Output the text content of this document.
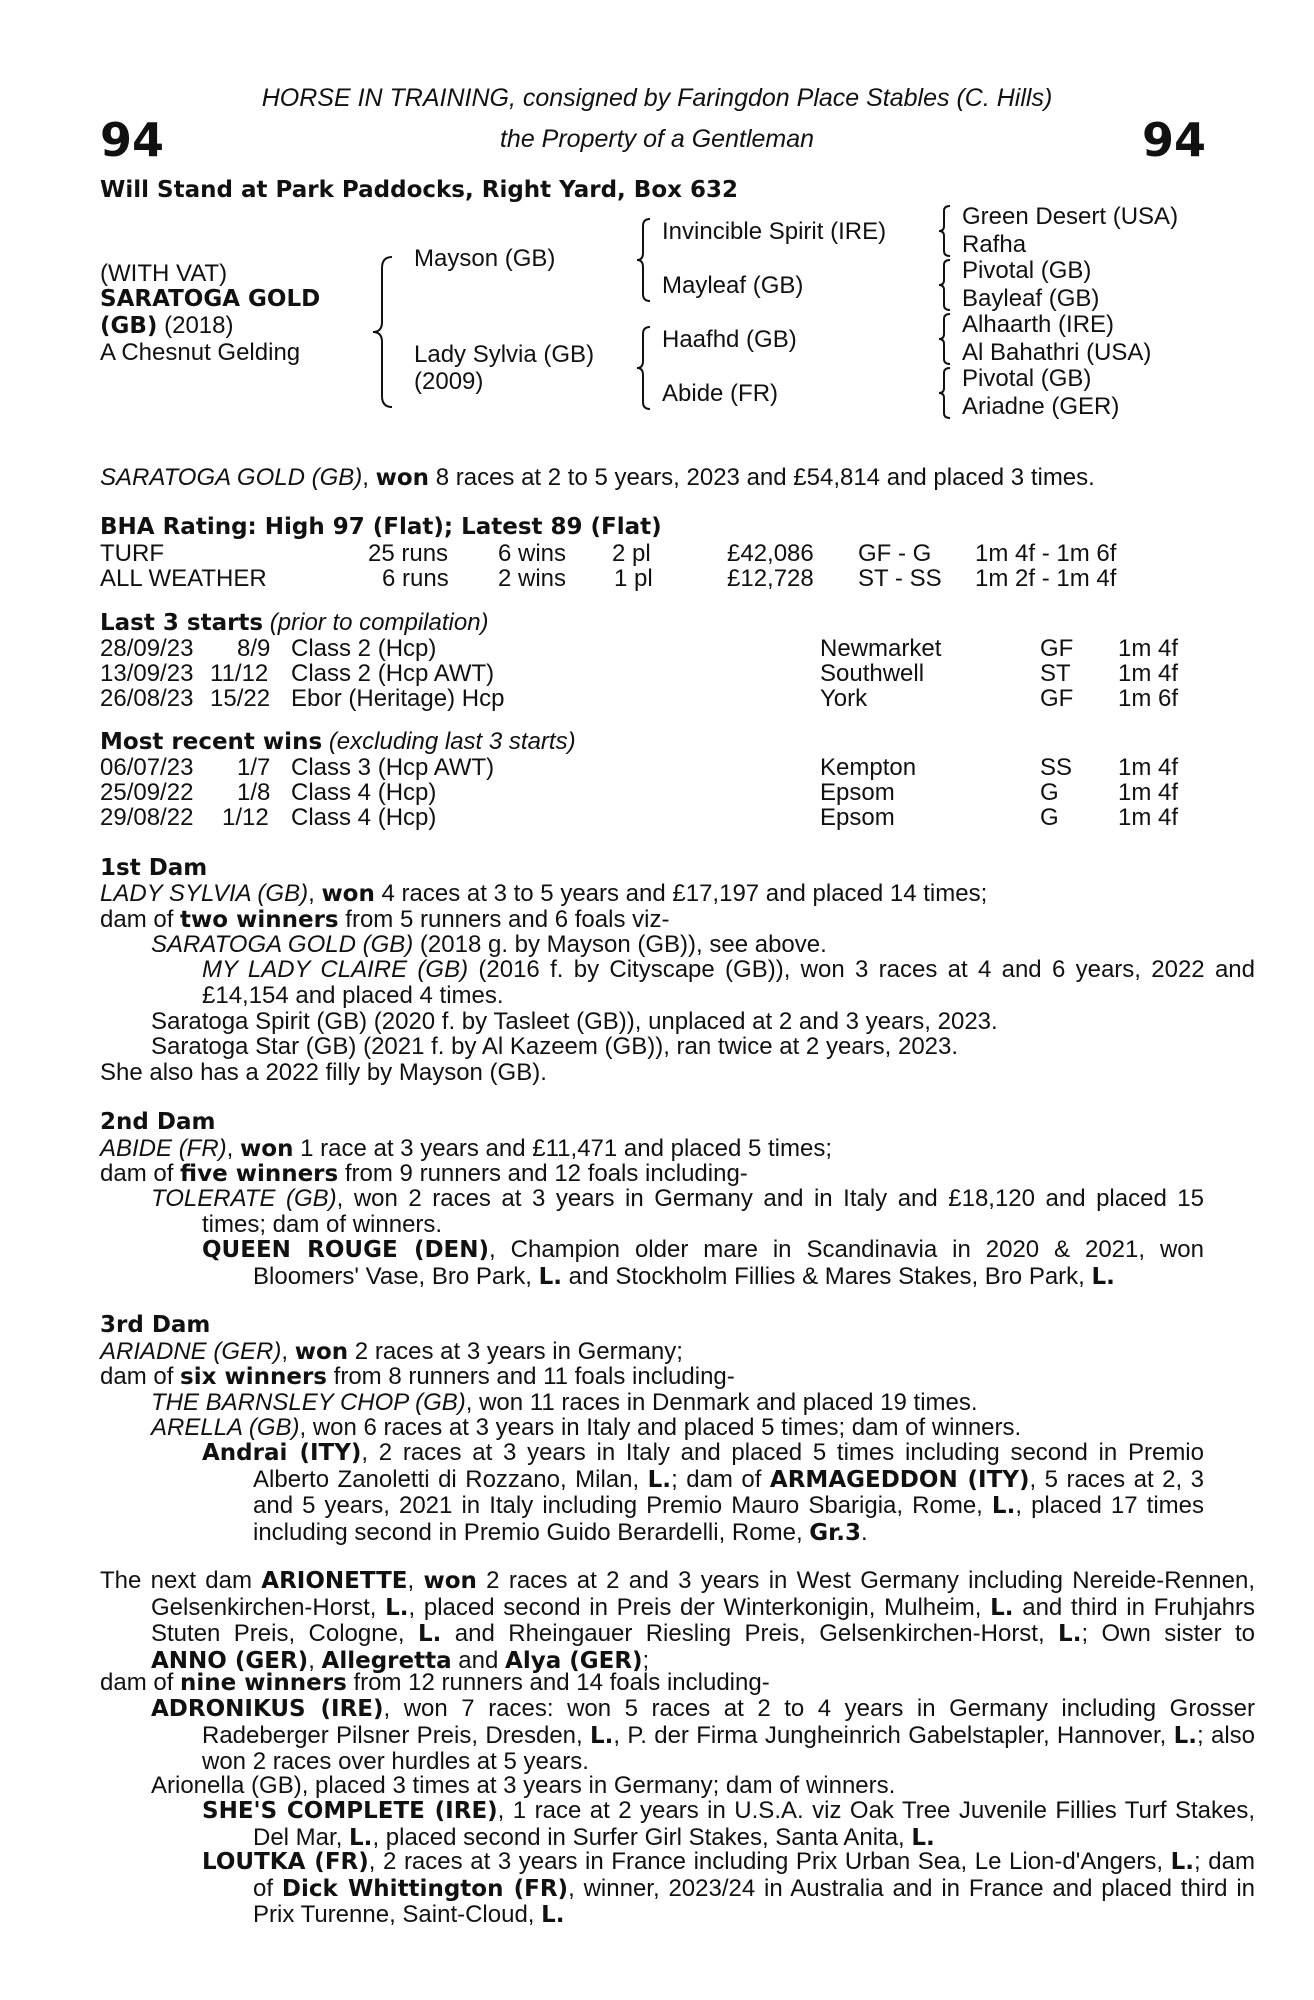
94	94
HORSE IN TRAINING, consigned by Faringdon Place Stables (C. Hills)
the Property of a Gentleman
Will Stand at Park Paddocks, Right Yard, Box 632
(WITH VAT)
SARATOGA GOLD
(GB) (2018)
A Chesnut Gelding
Mayson (GB)
Lady Sylvia (GB)
(2009)
Invincible Spirit (IRE)
Mayleaf (GB)
Haafhd (GB)
Abide (FR)
Green Desert (USA)
Rafha
Pivotal (GB)
Bayleaf (GB)
Alhaarth (IRE)
Al Bahathri (USA)
Pivotal (GB)
Ariadne (GER)
SARATOGA GOLD (GB), won 8 races at 2 to 5 years, 2023 and £54,814 and placed 3 times.
BHA Rating: High 97 (Flat); Latest 89 (Flat)
TURF	25 runs 6 wins 2 pl	£42,086 GF - G 1m 4f - 1m 6f
ALL WEATHER	6 runs 2 wins 1 pl	£12,728 ST - SS 1m 2f - 1m 4f
Last 3 starts (prior to compilation)
28/09/23 8/9 Class 2 (Hcp)	Newmarket	GF 1m 4f
13/09/23 11/12 Class 2 (Hcp AWT)	Southwell	ST 1m 4f
26/08/23 15/22 Ebor (Heritage) Hcp	York	GF 1m 6f
Most recent wins (excluding last 3 starts)
06/07/23 1/7 Class 3 (Hcp AWT)	Kempton	SS 1m 4f
25/09/22 1/8 Class 4 (Hcp)	Epsom	G 1m 4f
29/08/22 1/12 Class 4 (Hcp)	Epsom	G 1m 4f
1st Dam
LADY SYLVIA (GB), won 4 races at 3 to 5 years and £17,197 and placed 14 times;
dam of two winners from 5 runners and 6 foals viz-
SARATOGA GOLD (GB) (2018 g. by Mayson (GB)), see above.
MY LADY CLAIRE (GB) (2016 f. by Cityscape (GB)), won 3 races at 4 and 6 years, 2022 and £14,154 and placed 4 times.
Saratoga Spirit (GB) (2020 f. by Tasleet (GB)), unplaced at 2 and 3 years, 2023.
Saratoga Star (GB) (2021 f. by Al Kazeem (GB)), ran twice at 2 years, 2023.
She also has a 2022 filly by Mayson (GB).
2nd Dam
ABIDE (FR), won 1 race at 3 years and £11,471 and placed 5 times;
dam of five winners from 9 runners and 12 foals including-
TOLERATE (GB), won 2 races at 3 years in Germany and in Italy and £18,120 and placed 15 times; dam of winners.
QUEEN ROUGE (DEN), Champion older mare in Scandinavia in 2020 & 2021, won Bloomers' Vase, Bro Park, L. and Stockholm Fillies & Mares Stakes, Bro Park, L.
3rd Dam
ARIADNE (GER), won 2 races at 3 years in Germany;
dam of six winners from 8 runners and 11 foals including-
THE BARNSLEY CHOP (GB), won 11 races in Denmark and placed 19 times.
ARELLA (GB), won 6 races at 3 years in Italy and placed 5 times; dam of winners.
Andrai (ITY), 2 races at 3 years in Italy and placed 5 times including second in Premio Alberto Zanoletti di Rozzano, Milan, L.; dam of ARMAGEDDON (ITY), 5 races at 2, 3 and 5 years, 2021 in Italy including Premio Mauro Sbarigia, Rome, L., placed 17 times including second in Premio Guido Berardelli, Rome, Gr.3.
The next dam ARIONETTE, won 2 races at 2 and 3 years in West Germany including Nereide-Rennen, Gelsenkirchen-Horst, L., placed second in Preis der Winterkonigin, Mulheim, L. and third in Fruhjahrs Stuten Preis, Cologne, L. and Rheingauer Riesling Preis, Gelsenkirchen-Horst, L.; Own sister to ANNO (GER), Allegretta and Alya (GER);
dam of nine winners from 12 runners and 14 foals including-
ADRONIKUS (IRE), won 7 races: won 5 races at 2 to 4 years in Germany including Grosser Radeberger Pilsner Preis, Dresden, L., P. der Firma Jungheinrich Gabelstapler, Hannover, L.; also won 2 races over hurdles at 5 years.
Arionella (GB), placed 3 times at 3 years in Germany; dam of winners.
SHE'S COMPLETE (IRE), 1 race at 2 years in U.S.A. viz Oak Tree Juvenile Fillies Turf Stakes, Del Mar, L., placed second in Surfer Girl Stakes, Santa Anita, L.
LOUTKA (FR), 2 races at 3 years in France including Prix Urban Sea, Le Lion-d'Angers, L.; dam of Dick Whittington (FR), winner, 2023/24 in Australia and in France and placed third in Prix Turenne, Saint-Cloud, L.
